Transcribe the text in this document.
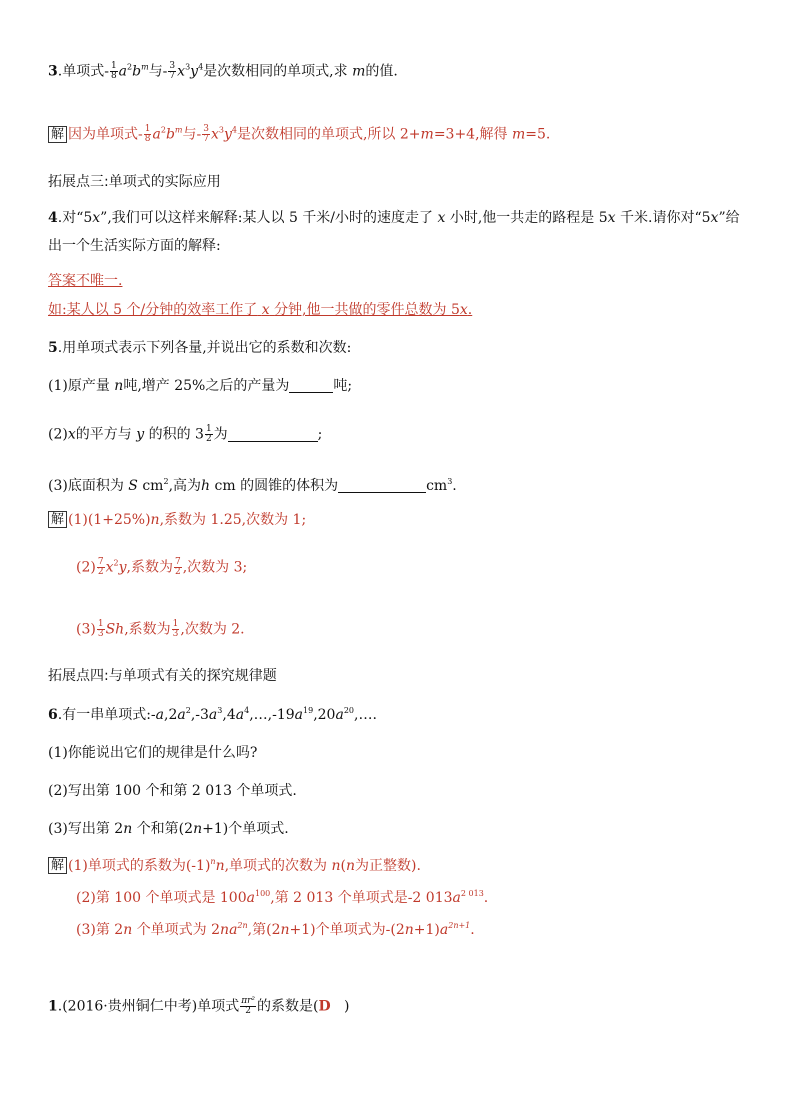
3.单项式- $\frac{1}{8} a^2b^m$与- $\frac{3}{7} x^3y^4$是次数相同的单项式,求 m的值.
解 因为单项式- $\frac{1}{8} a^2b^m$与- $\frac{3}{7} x^3y^4$是次数相同的单项式,所以 2+m=3+4,解得 m=5.
拓展点三:单项式的实际应用
4.对“5x”,我们可以这样来解释:某人以 5 千米/小时的速度走了 x 小时,他一共走的路程是 5x 千米.请你对“5x”给
出一个生活实际方面的解释:
答案不唯一.
如:某人以 5 个/分钟的效率工作了 x 分钟,他一共做的零件总数为 5x.
5.用单项式表示下列各量,并说出它的系数和次数:
(1)原产量 n吨,增产 25%之后的产量为	吨;
(2)x的平方与 y 的积的 $3 \frac{1}{2}$ 为	;
(3)底面积为 S $cm^2$,高为h cm 的圆锥的体积为	$cm^3$.
解 (1)(1+25%)n,系数为 1.25,次数为 1;
$(2) \frac{7}{2} x^2y$,系数为 $\frac{7}{2}$ ,次数为 3;
$(3) \frac{1}{3} Sh$,系数为 $\frac{1}{3}$ ,次数为 2.
拓展点四:与单项式有关的探究规律题
6.有一串单项式$:-a,2a^2,-3a^3,4a^4,\dots,-19a^{19},20a^{20},\dots$.
(1)你能说出它们的规律是什么吗?
(2)写出第 100 个和第 2 013 个单项式.
(3)写出第 2n 个和第(2n+1)个单项式.
解 (1)单项式的系数为$(-1)^nn$,单项式的次数为 n(n为正整数).
(2)第 100 个单项式是 $100a^{100}$,第 2 013 个单项式是-2 $013a^{2 013}$.
(3)第 2n 个单项式为 $2na^{2n}$,第(2n+1)个单项式为$-(2n+1)a^{2n+1}$.
1.(2016·贵州铜仁中考)单项式 $\frac{\text{πr²}}{2}$ 的系数是(D )
